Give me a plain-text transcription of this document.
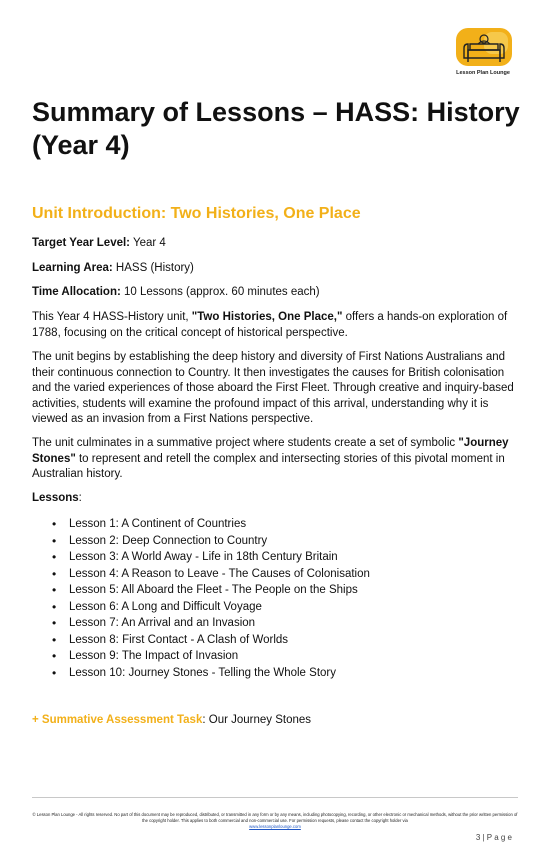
Lesson Plan Lounge
Summary of Lessons – HASS: History (Year 4)
Unit Introduction: Two Histories, One Place
Target Year Level: Year 4
Learning Area: HASS (History)
Time Allocation: 10 Lessons (approx. 60 minutes each)

This Year 4 HASS-History unit, "Two Histories, One Place," offers a hands-on exploration of 1788, focusing on the critical concept of historical perspective.

The unit begins by establishing the deep history and diversity of First Nations Australians and their continuous connection to Country. It then investigates the causes for British colonisation and the varied experiences of those aboard the First Fleet. Through creative and inquiry-based activities, students will examine the profound impact of this arrival, understanding why it is viewed as an invasion from a First Nations perspective.

The unit culminates in a summative project where students create a set of symbolic "Journey Stones" to represent and retell the complex and intersecting stories of this pivotal moment in Australian history.

Lessons:
• Lesson 1: A Continent of Countries
• Lesson 2: Deep Connection to Country
• Lesson 3: A World Away - Life in 18th Century Britain
• Lesson 4: A Reason to Leave - The Causes of Colonisation
• Lesson 5: All Aboard the Fleet - The People on the Ships
• Lesson 6: A Long and Difficult Voyage
• Lesson 7: An Arrival and an Invasion
• Lesson 8: First Contact - A Clash of Worlds
• Lesson 9: The Impact of Invasion
• Lesson 10: Journey Stones - Telling the Whole Story
+ Summative Assessment Task: Our Journey Stones
© Lesson Plan Lounge - All rights reserved. No part of this document may be reproduced, distributed, or transmitted in any form or by any means, including photocopying, recording, or other electronic or mechanical methods, without the prior written permission of the copyright holder. This applies to both commercial and non-commercial use. For permission requests, please contact the copyright holder via
www.lessonplanlounge.com
3 | P a g e
